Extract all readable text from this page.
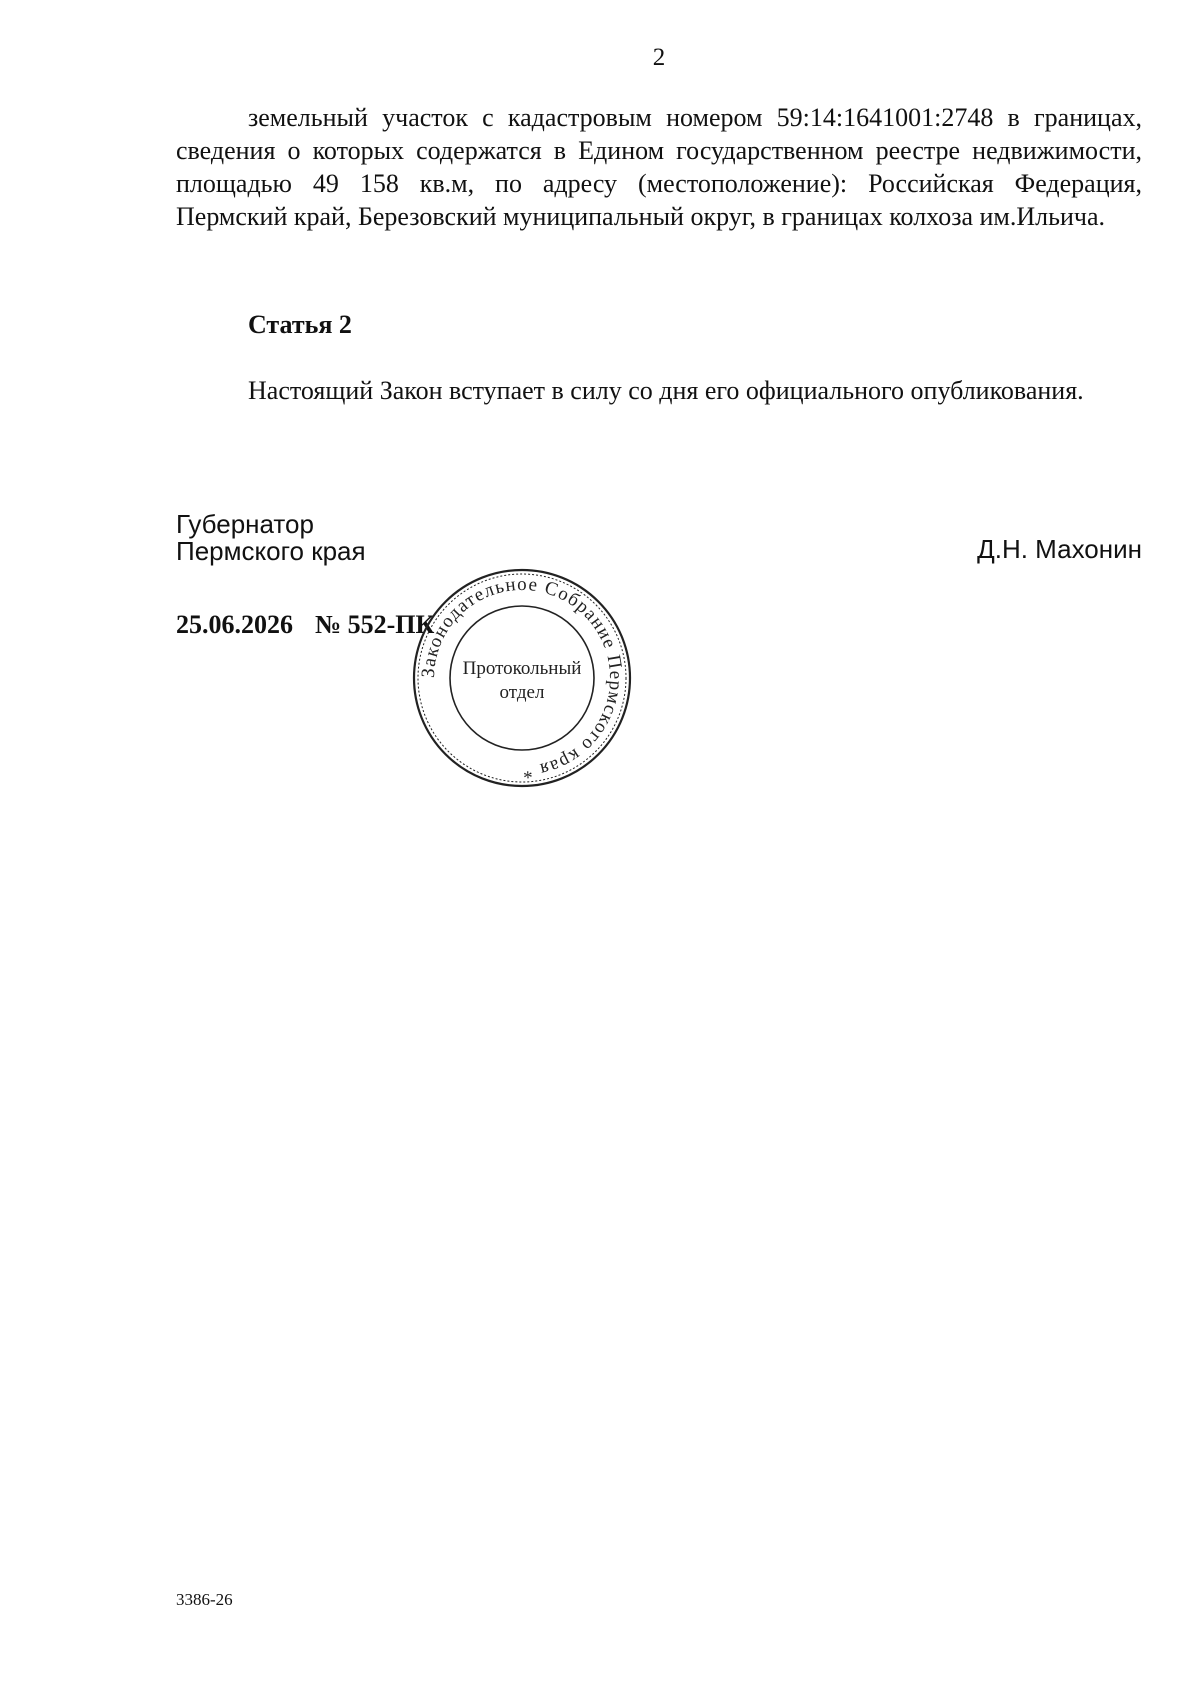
2
земельный участок с кадастровым номером 59:14:1641001:2748 в границах, сведения о которых содержатся в Едином государственном реестре недвижимости, площадью 49 158 кв.м, по адресу (местоположение): Российская Федерация, Пермский край, Березовский муниципальный округ, в границах колхоза им.Ильича.
Статья 2
Настоящий Закон вступает в силу со дня его официального опубликования.
Губернатор
Пермского края	Д.Н. Махонин
25.06.2026 № 552-ПК
Законодательное Собрание Пермского края *
Протокольный
отдел
3386-26
